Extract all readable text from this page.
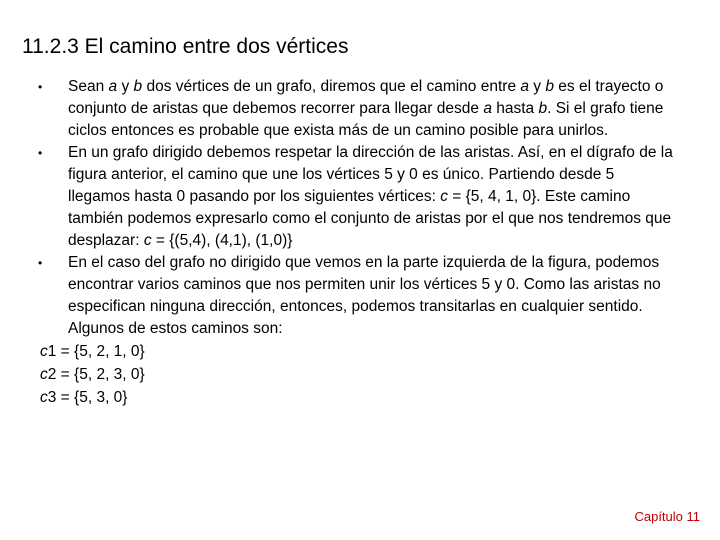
11.2.3 El camino entre dos vértices
• Sean a y b dos vértices de un grafo, diremos que el camino entre a y b es el trayecto o conjunto de aristas que debemos recorrer para llegar desde a hasta b. Si el grafo tiene ciclos entonces es probable que exista más de un camino posible para unirlos.
• En un grafo dirigido debemos respetar la dirección de las aristas. Así, en el dígrafo de la figura anterior, el camino que une los vértices 5 y 0 es único. Partiendo desde 5 llegamos hasta 0 pasando por los siguientes vértices: c = {5, 4, 1, 0}. Este camino también podemos expresarlo como el conjunto de aristas por el que nos tendremos que desplazar: c = {(5,4), (4,1), (1,0)}
• En el caso del grafo no dirigido que vemos en la parte izquierda de la figura, podemos encontrar varios caminos que nos permiten unir los vértices 5 y 0. Como las aristas no especifican ninguna dirección, entonces, podemos transitarlas en cualquier sentido. Algunos de estos caminos son:
c1 = {5, 2, 1, 0}
c2 = {5, 2, 3, 0}
c3 = {5, 3, 0}
Capítulo 11
